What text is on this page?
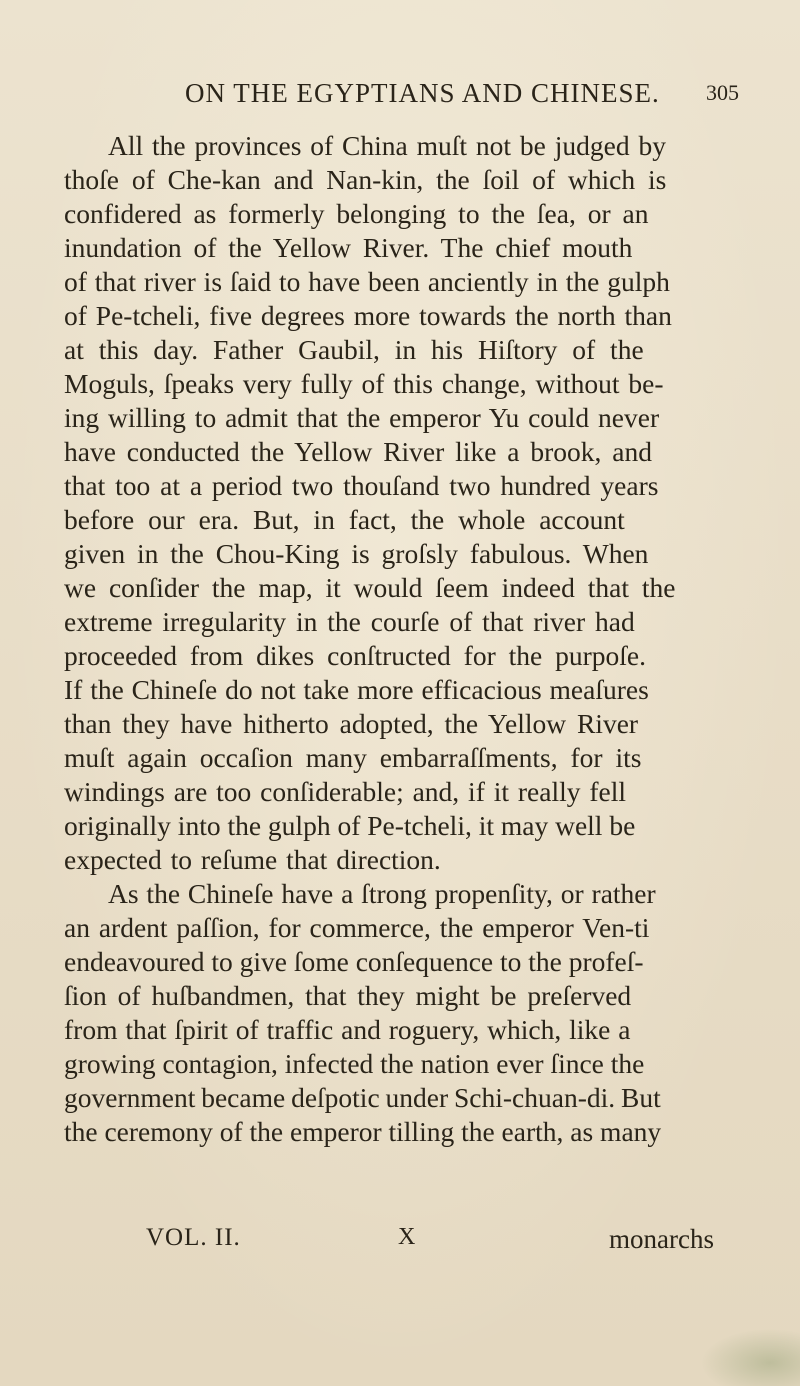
ON THE EGYPTIANS AND CHINESE. 305
All the provinces of China muſt not be judged by
thoſe of Che-kan and Nan-kin, the ſoil of which is
confidered as formerly belonging to the ſea, or an
inundation of the Yellow River. The chief mouth
of that river is ſaid to have been anciently in the gulph
of Pe-tcheli, five degrees more towards the north than
at this day. Father Gaubil, in his Hiſtory of the
Moguls, ſpeaks very fully of this change, without be-
ing willing to admit that the emperor Yu could never
have conducted the Yellow River like a brook, and
that too at a period two thouſand two hundred years
before our era. But, in fact, the whole account
given in the Chou-King is groſsly fabulous. When
we conſider the map, it would ſeem indeed that the
extreme irregularity in the courſe of that river had
proceeded from dikes conſtructed for the purpoſe.
If the Chineſe do not take more efficacious meaſures
than they have hitherto adopted, the Yellow River
muſt again occaſion many embarraſſments, for its
windings are too conſiderable; and, if it really fell
originally into the gulph of Pe-tcheli, it may well be
expected to reſume that direction.
As the Chineſe have a ſtrong propenſity, or rather
an ardent paſſion, for commerce, the emperor Ven-ti
endeavoured to give ſome conſequence to the profeſ-
ſion of huſbandmen, that they might be preſerved
from that ſpirit of traffic and roguery, which, like a
growing contagion, infected the nation ever ſince the
government became deſpotic under Schi-chuan-di. But
the ceremony of the emperor tilling the earth, as many
VOL. II.	X	monarchs
